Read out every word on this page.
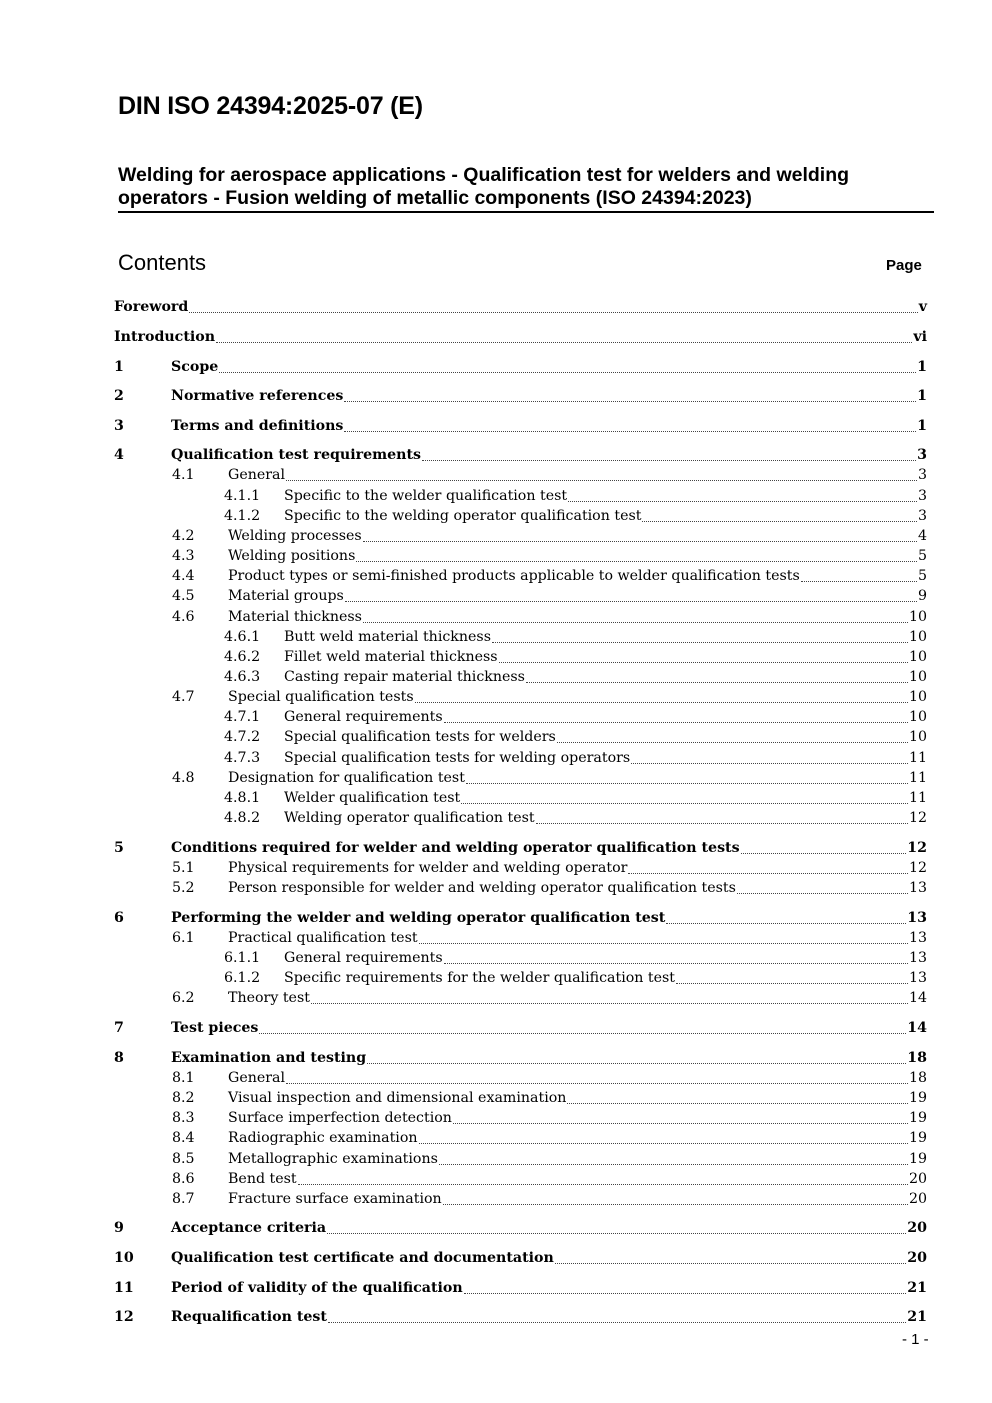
DIN ISO 24394:2025-07 (E)
Welding for aerospace applications - Qualification test for welders and welding
operators - Fusion welding of metallic components (ISO 24394:2023)
Contents	Page
Foreword	v
Introduction	vi
1	Scope	1
2	Normative references	1
3	Terms and definitions	1
4	Qualification test requirements	3
4.1	General	3
4.1.1	Specific to the welder qualification test	3
4.1.2	Specific to the welding operator qualification test	3
4.2	Welding processes	4
4.3	Welding positions	5
4.4	Product types or semi-finished products applicable to welder qualification tests	5
4.5	Material groups	9
4.6	Material thickness	10
4.6.1	Butt weld material thickness	10
4.6.2	Fillet weld material thickness	10
4.6.3	Casting repair material thickness	10
4.7	Special qualification tests	10
4.7.1	General requirements	10
4.7.2	Special qualification tests for welders	10
4.7.3	Special qualification tests for welding operators	11
4.8	Designation for qualification test	11
4.8.1	Welder qualification test	11
4.8.2	Welding operator qualification test	12
5	Conditions required for welder and welding operator qualification tests	12
5.1	Physical requirements for welder and welding operator	12
5.2	Person responsible for welder and welding operator qualification tests	13
6	Performing the welder and welding operator qualification test	13
6.1	Practical qualification test	13
6.1.1	General requirements	13
6.1.2	Specific requirements for the welder qualification test	13
6.2	Theory test	14
7	Test pieces	14
8	Examination and testing	18
8.1	General	18
8.2	Visual inspection and dimensional examination	19
8.3	Surface imperfection detection	19
8.4	Radiographic examination	19
8.5	Metallographic examinations	19
8.6	Bend test	20
8.7	Fracture surface examination	20
9	Acceptance criteria	20
10	Qualification test certificate and documentation	20
11	Period of validity of the qualification	21
12	Requalification test	21
- 1 -
